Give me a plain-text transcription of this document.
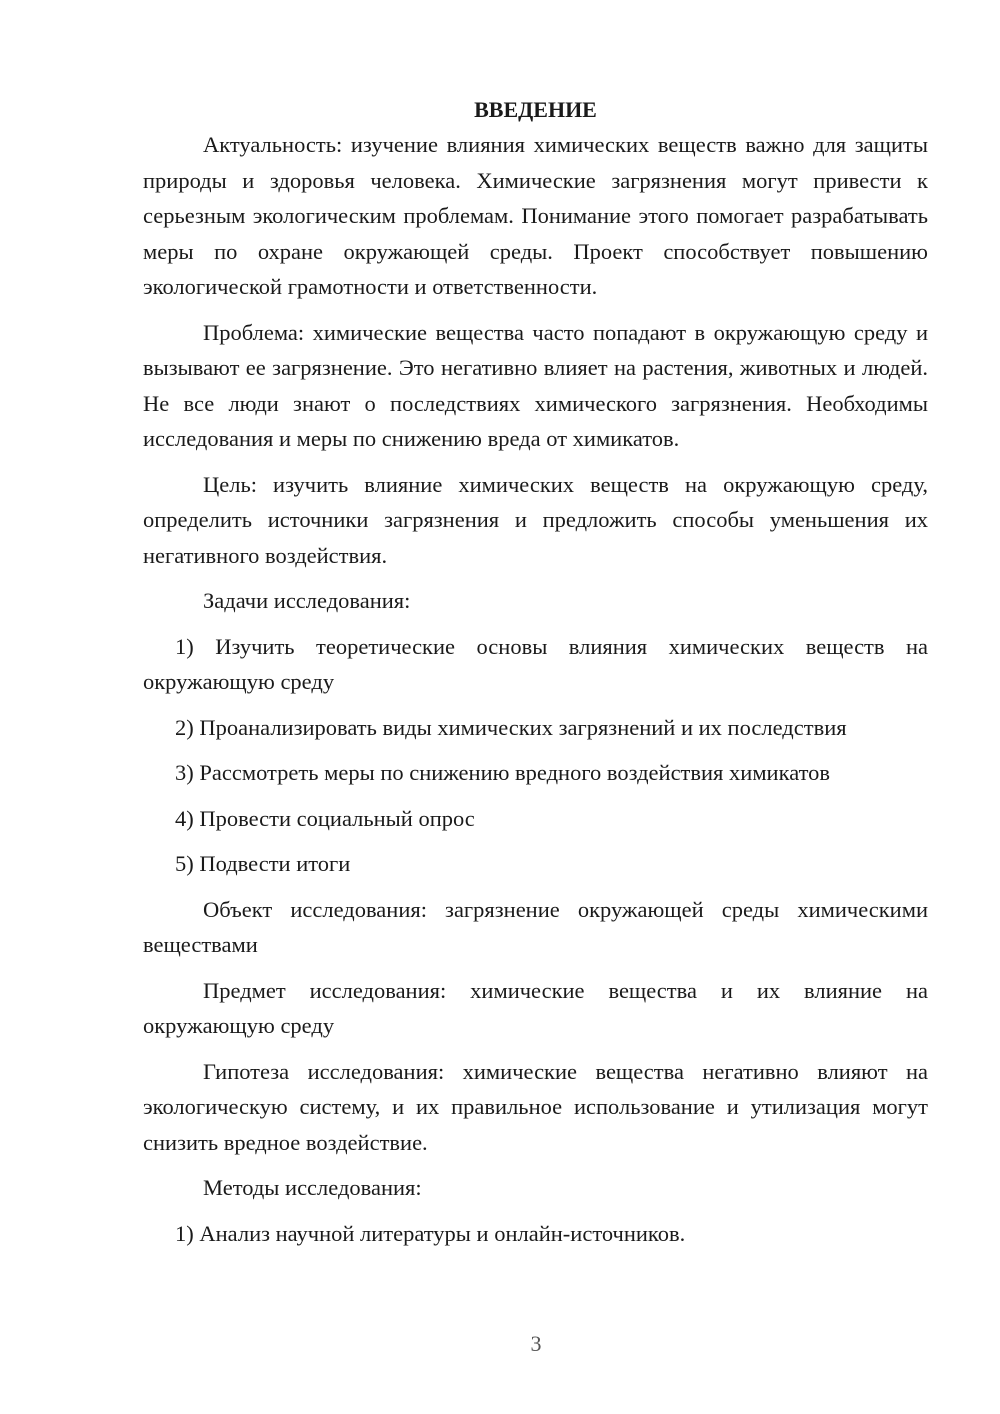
ВВЕДЕНИЕ

Актуальность: изучение влияния химических веществ важно для защиты природы и здоровья человека. Химические загрязнения могут привести к серьезным экологическим проблемам. Понимание этого помогает разрабатывать меры по охране окружающей среды. Проект способствует повышению экологической грамотности и ответственности.

Проблема: химические вещества часто попадают в окружающую среду и вызывают ее загрязнение. Это негативно влияет на растения, животных и людей. Не все люди знают о последствиях химического загрязнения. Необходимы исследования и меры по снижению вреда от химикатов.

Цель: изучить влияние химических веществ на окружающую среду, определить источники загрязнения и предложить способы уменьшения их негативного воздействия.

Задачи исследования:

1) Изучить теоретические основы влияния химических веществ на окружающую среду

2) Проанализировать виды химических загрязнений и их последствия

3) Рассмотреть меры по снижению вредного воздействия химикатов

4) Провести социальный опрос

5) Подвести итоги

Объект исследования: загрязнение окружающей среды химическими веществами

Предмет исследования: химические вещества и их влияние на окружающую среду

Гипотеза исследования: химические вещества негативно влияют на экологическую систему, и их правильное использование и утилизация могут снизить вредное воздействие.

Методы исследования:

1) Анализ научной литературы и онлайн-источников.

3
